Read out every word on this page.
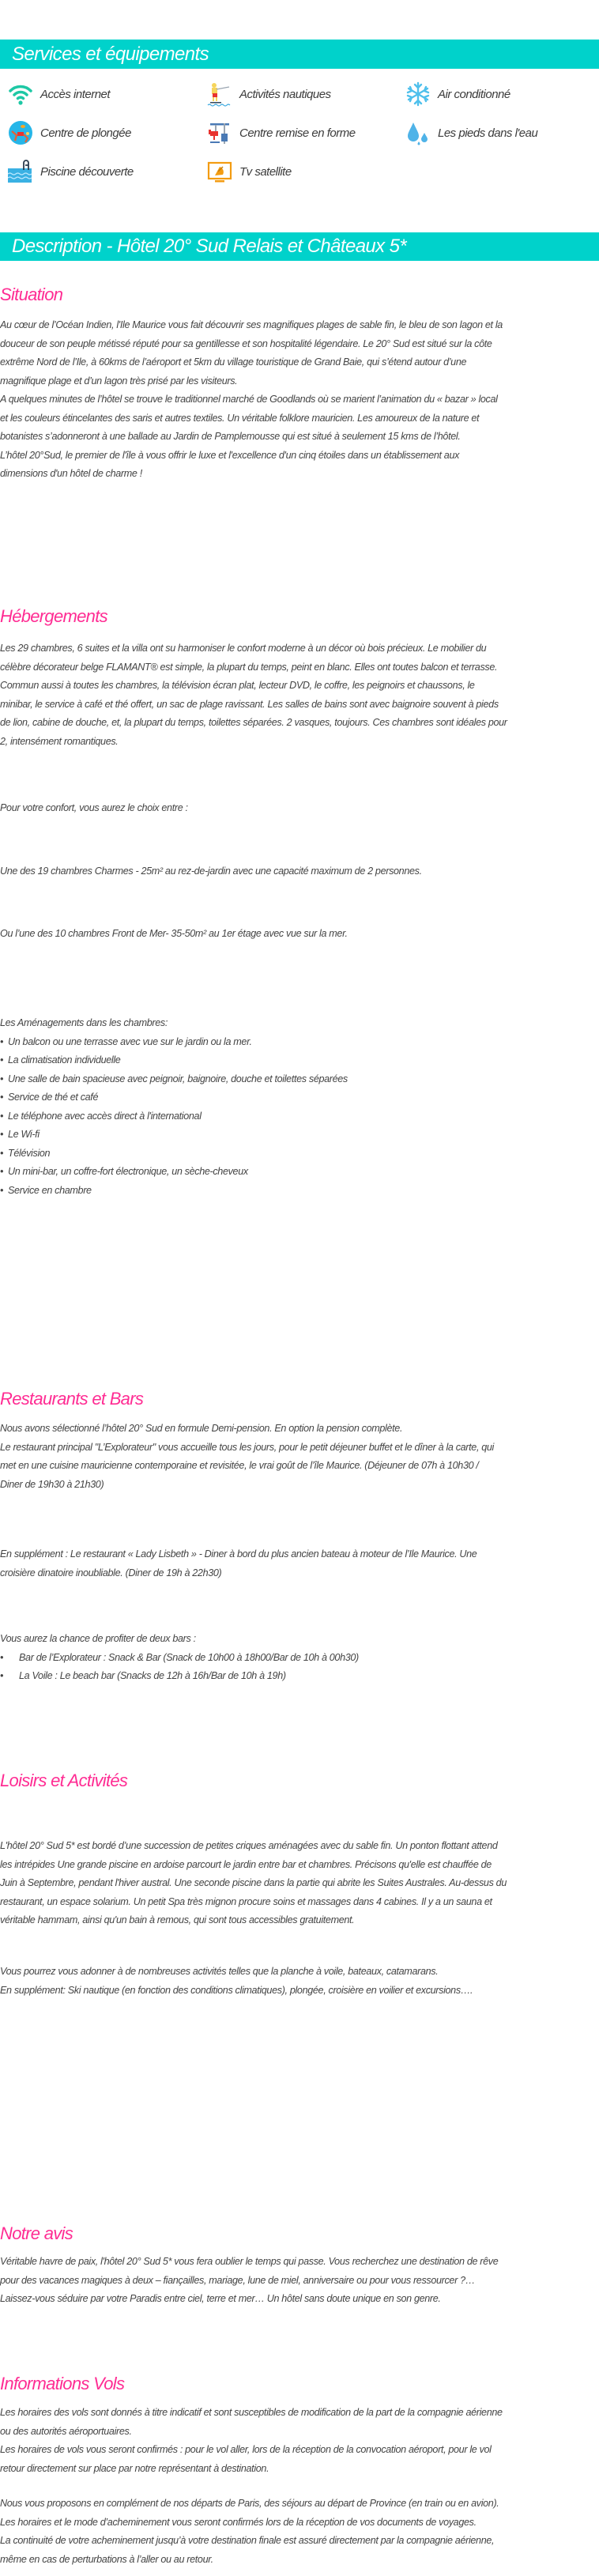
Services et équipements
Accès internet	Activités nautiques	Air conditionné
Centre de plongée	Centre remise en forme	Les pieds dans l'eau
Piscine découverte	Tv satellite
Description - Hôtel 20° Sud Relais et Châteaux 5*
Situation
Au cœur de l’Océan Indien, l'Ile Maurice vous fait découvrir ses magnifiques plages de sable fin, le bleu de son lagon et la
douceur de son peuple métissé réputé pour sa gentillesse et son hospitalité légendaire. Le 20° Sud est situé sur la côte
extrême Nord de l’Ile, à 60kms de l’aéroport et 5km du village touristique de Grand Baie, qui s’étend autour d’une
magnifique plage et d’un lagon très prisé par les visiteurs.
A quelques minutes de l’hôtel se trouve le traditionnel marché de Goodlands où se marient l’animation du « bazar » local
et les couleurs étincelantes des saris et autres textiles. Un véritable folklore mauricien. Les amoureux de la nature et
botanistes s’adonneront à une ballade au Jardin de Pamplemousse qui est situé à seulement 15 kms de l’hôtel.
L’hôtel 20°Sud, le premier de l'île à vous offrir le luxe et l'excellence d'un cinq étoiles dans un établissement aux
dimensions d'un hôtel de charme !
Hébergements
Les 29 chambres, 6 suites et la villa ont su harmoniser le confort moderne à un décor où bois précieux. Le mobilier du
célèbre décorateur belge FLAMANT® est simple, la plupart du temps, peint en blanc. Elles ont toutes balcon et terrasse.
Commun aussi à toutes les chambres, la télévision écran plat, lecteur DVD, le coffre, les peignoirs et chaussons, le
minibar, le service à café et thé offert, un sac de plage ravissant. Les salles de bains sont avec baignoire souvent à pieds
de lion, cabine de douche, et, la plupart du temps, toilettes séparées. 2 vasques, toujours. Ces chambres sont idéales pour
2, intensément romantiques.
Pour votre confort, vous aurez le choix entre :
Une des 19 chambres Charmes - 25m² au rez-de-jardin avec une capacité maximum de 2 personnes.
Ou l’une des 10 chambres Front de Mer- 35-50m² au 1er étage avec vue sur la mer.
Les Aménagements dans les chambres:
• Un balcon ou une terrasse avec vue sur le jardin ou la mer.
• La climatisation individuelle
• Une salle de bain spacieuse avec peignoir, baignoire, douche et toilettes séparées
• Service de thé et café
• Le téléphone avec accès direct à l'international
• Le Wi-fi
• Télévision
• Un mini-bar, un coffre-fort électronique, un sèche-cheveux
• Service en chambre
Restaurants et Bars
Nous avons sélectionné l’hôtel 20° Sud en formule Demi-pension. En option la pension complète.
Le restaurant principal "L’Explorateur" vous accueille tous les jours, pour le petit déjeuner buffet et le dîner à la carte, qui
met en une cuisine mauricienne contemporaine et revisitée, le vrai goût de l’île Maurice. (Déjeuner de 07h à 10h30 /
Diner de 19h30 à 21h30)
En supplément : Le restaurant « Lady Lisbeth » - Diner à bord du plus ancien bateau à moteur de l’Ile Maurice. Une
croisière dinatoire inoubliable. (Diner de 19h à 22h30)
Vous aurez la chance de profiter de deux bars :
• Bar de l’Explorateur : Snack & Bar (Snack de 10h00 à 18h00/Bar de 10h à 00h30)
• La Voile : Le beach bar (Snacks de 12h à 16h/Bar de 10h à 19h)
Loisirs et Activités
L'hôtel 20° Sud 5* est bordé d’une succession de petites criques aménagées avec du sable fin. Un ponton flottant attend
les intrépides Une grande piscine en ardoise parcourt le jardin entre bar et chambres. Précisons qu'elle est chauffée de
Juin à Septembre, pendant l'hiver austral. Une seconde piscine dans la partie qui abrite les Suites Australes. Au-dessus du
restaurant, un espace solarium. Un petit Spa très mignon procure soins et massages dans 4 cabines. Il y a un sauna et
véritable hammam, ainsi qu'un bain à remous, qui sont tous accessibles gratuitement.
Vous pourrez vous adonner à de nombreuses activités telles que la planche à voile, bateaux, catamarans.
En supplément: Ski nautique (en fonction des conditions climatiques), plongée, croisière en voilier et excursions….
Notre avis
Véritable havre de paix, l'hôtel 20° Sud 5* vous fera oublier le temps qui passe. Vous recherchez une destination de rêve
pour des vacances magiques à deux – fiançailles, mariage, lune de miel, anniversaire ou pour vous ressourcer ?…
Laissez-vous séduire par votre Paradis entre ciel, terre et mer… Un hôtel sans doute unique en son genre.
Informations Vols
Les horaires des vols sont donnés à titre indicatif et sont susceptibles de modification de la part de la compagnie aérienne
ou des autorités aéroportuaires.
Les horaires de vols vous seront confirmés : pour le vol aller, lors de la réception de la convocation aéroport, pour le vol
retour directement sur place par notre représentant à destination.
Nous vous proposons en complément de nos départs de Paris, des séjours au départ de Province (en train ou en avion).
Les horaires et le mode d’acheminement vous seront confirmés lors de la réception de vos documents de voyages.
La continuité de votre acheminement jusqu’à votre destination finale est assuré directement par la compagnie aérienne,
même en cas de perturbations à l’aller ou au retour.
